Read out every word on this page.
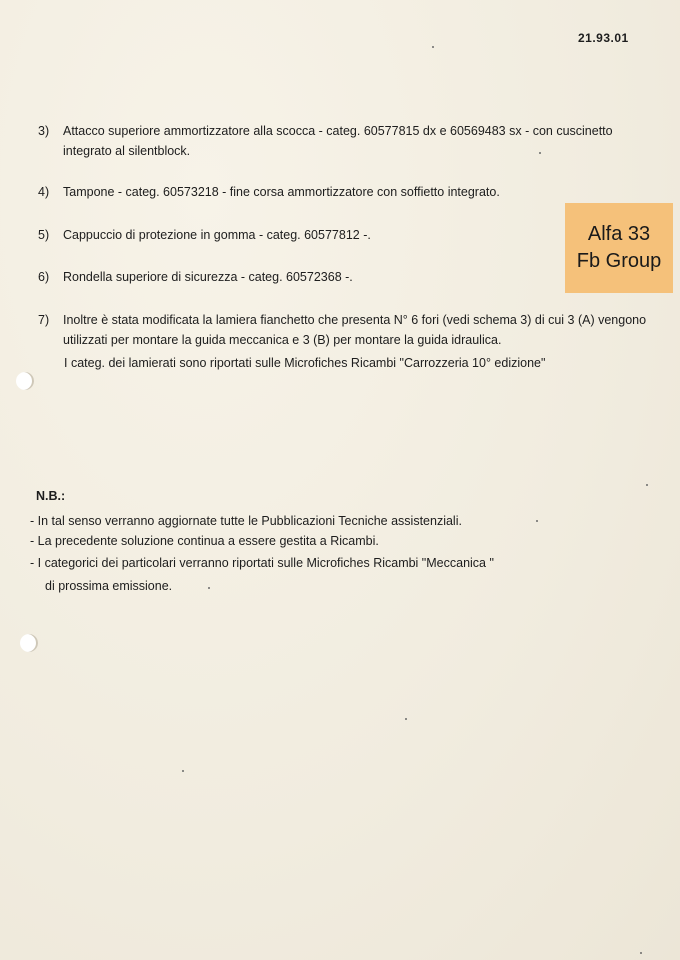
21.93.01
3)	Attacco superiore ammortizzatore alla scocca - categ. 60577815 dx e 60569483 sx - con cuscinetto integrato al silentblock.
4)	Tampone - categ. 60573218 - fine corsa ammortizzatore con soffietto integrato.
5)	Cappuccio di protezione in gomma - categ. 60577812 -.
6)	Rondella superiore di sicurezza - categ. 60572368 -.
7)	Inoltre è stata modificata la lamiera fianchetto che presenta N° 6 fori (vedi schema 3) di cui 3 (A) vengono utilizzati per montare la guida meccanica e 3 (B) per montare la guida idraulica.
I categ. dei lamierati sono riportati sulle Microfiches Ricambi "Carrozzeria 10° edizione"
N.B.:
- In tal senso verranno aggiornate tutte le Pubblicazioni Tecniche assistenziali.
- La precedente soluzione continua a essere gestita a Ricambi.
- I categorici dei particolari verranno riportati sulle Microfiches Ricambi "Meccanica "
di prossima emissione.
Alfa 33
Fb Group
